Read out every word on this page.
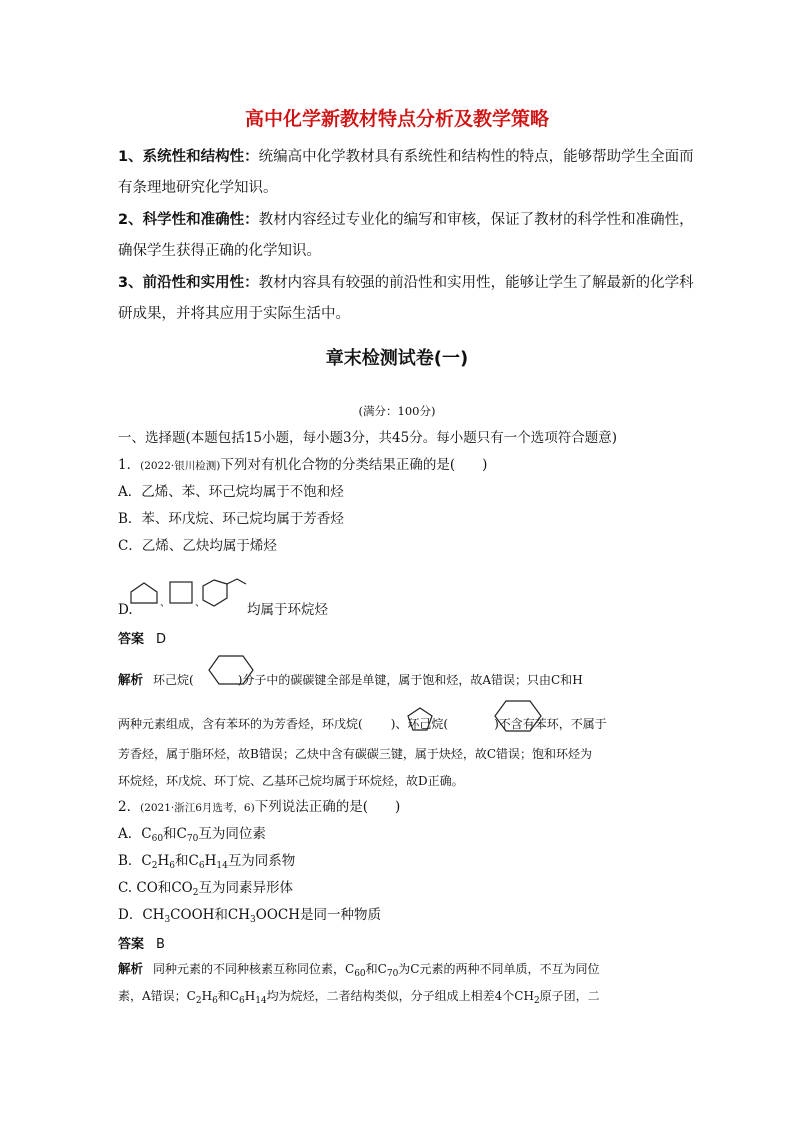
高中化学新教材特点分析及教学策略
1、系统性和结构性：统编高中化学教材具有系统性和结构性的特点，能够帮助学生全面而
有条理地研究化学知识。
2、科学性和准确性：教材内容经过专业化的编写和审核，保证了教材的科学性和准确性，
确保学生获得正确的化学知识。
3、前沿性和实用性：教材内容具有较强的前沿性和实用性，能够让学生了解最新的化学科
研成果，并将其应用于实际生活中。
章末检测试卷(一)
(满分：100分)
一、选择题(本题包括15小题，每小题3分，共45分。每小题只有一个选项符合题意)
1．(2022·银川检测)下列对有机化合物的分类结果正确的是(　　)
A．乙烯、苯、环己烷均属于不饱和烃
B．苯、环戊烷、环己烷均属于芳香烃
C．乙烯、乙炔均属于烯烃
D.	、	、	均属于环烷烃
答案 D
解析 环己烷(	)分子中的碳碳键全部是单键，属于饱和烃，故A错误；只由C和H
两种元素组成，含有苯环的为芳香烃，环戊烷( )、环己烷(	)不含有苯环，不属于
芳香烃，属于脂环烃，故B错误；乙炔中含有碳碳三键，属于炔烃，故C错误；饱和环烃为
环烷烃，环戊烷、环丁烷、乙基环己烷均属于环烷烃，故D正确。
2．(2021·浙江6月选考，6)下列说法正确的是(　　)
A．$C_{60}$和$C_{70}$互为同位素
B．$C_2H_6$和$C_6H_{14}$互为同系物
C. CO和$CO_2$互为同素异形体
D．$CH_3COOH$和$CH_3OOCH$是同一种物质
答案 B
解析 同种元素的不同种核素互称同位素，$C_{60}$和$C_{70}$为C元素的两种不同单质，不互为同位
素，A错误；$C_2H_6$和$C_6H_{14}$均为烷烃，二者结构类似，分子组成上相差4个$CH_2$原子团，二
